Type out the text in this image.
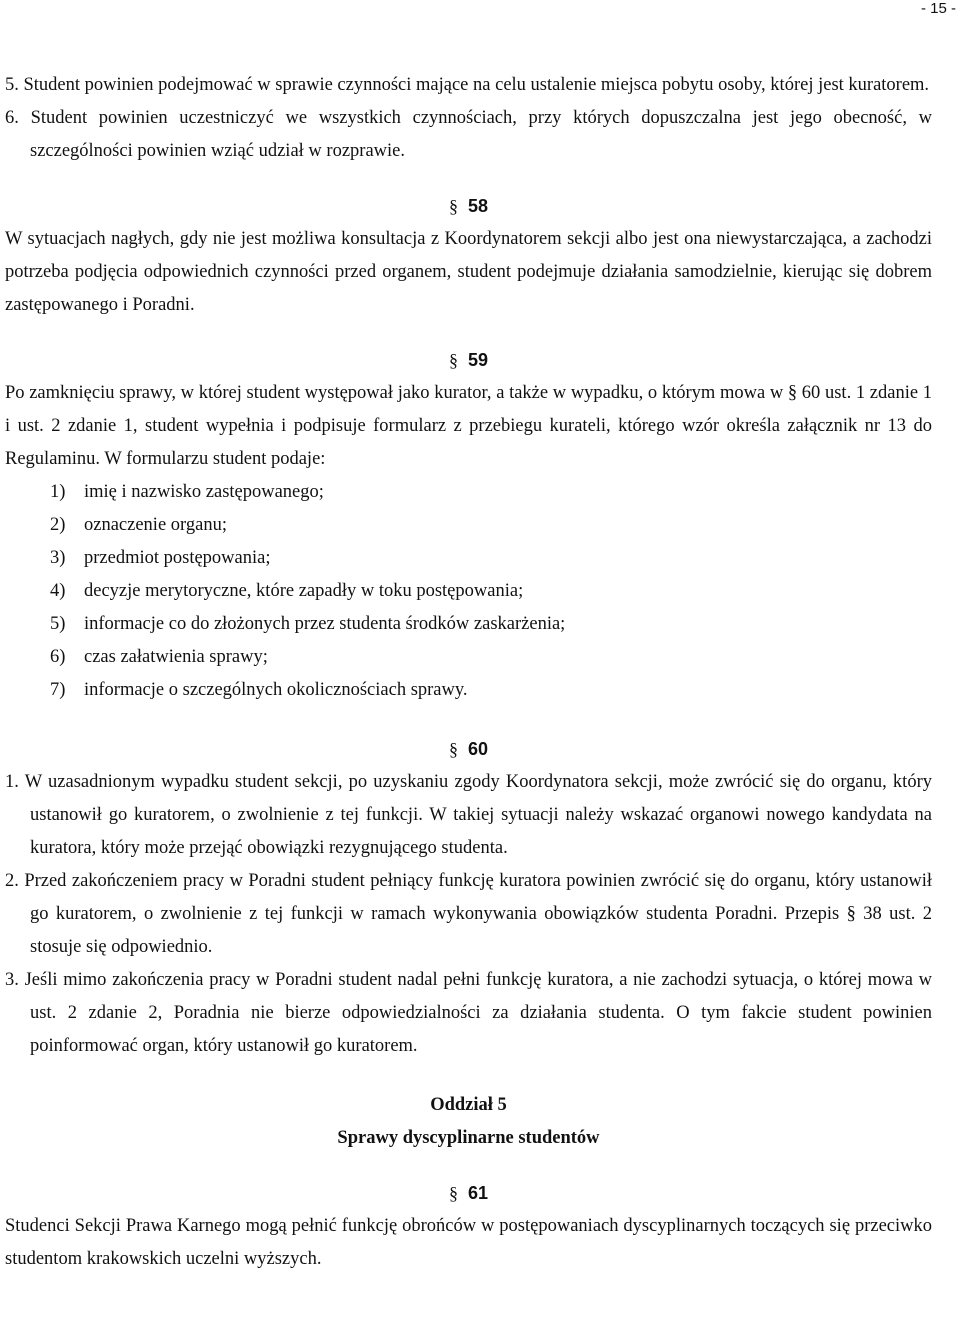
- 15 -
5. Student powinien podejmować w sprawie czynności mające na celu ustalenie miejsca pobytu osoby, której jest kuratorem.
6. Student powinien uczestniczyć we wszystkich czynnościach, przy których dopuszczalna jest jego obecność, w szczególności powinien wziąć udział w rozprawie.
§ 58

W sytuacjach nagłych, gdy nie jest możliwa konsultacja z Koordynatorem sekcji albo jest ona niewystarczająca, a zachodzi potrzeba podjęcia odpowiednich czynności przed organem, student podejmuje działania samodzielnie, kierując się dobrem zastępowanego i Poradni.

§ 59

Po zamknięciu sprawy, w której student występował jako kurator, a także w wypadku, o którym mowa w § 60 ust. 1 zdanie 1 i ust. 2 zdanie 1, student wypełnia i podpisuje formularz z przebiegu kurateli, którego wzór określa załącznik nr 13 do Regulaminu. W formularzu student podaje:

1) imię i nazwisko zastępowanego;
2) oznaczenie organu;
3) przedmiot postępowania;
4) decyzje merytoryczne, które zapadły w toku postępowania;
5) informacje co do złożonych przez studenta środków zaskarżenia;
6) czas załatwienia sprawy;
7) informacje o szczególnych okolicznościach sprawy.
§ 60
1. W uzasadnionym wypadku student sekcji, po uzyskaniu zgody Koordynatora sekcji, może zwrócić się do organu, który ustanowił go kuratorem, o zwolnienie z tej funkcji. W takiej sytuacji należy wskazać organowi nowego kandydata na kuratora, który może przejąć obowiązki rezygnującego studenta.
2. Przed zakończeniem pracy w Poradni student pełniący funkcję kuratora powinien zwrócić się do organu, który ustanowił go kuratorem, o zwolnienie z tej funkcji w ramach wykonywania obowiązków studenta Poradni. Przepis § 38 ust. 2 stosuje się odpowiednio.
3. Jeśli mimo zakończenia pracy w Poradni student nadal pełni funkcję kuratora, a nie zachodzi sytuacja, o której mowa w ust. 2 zdanie 2, Poradnia nie bierze odpowiedzialności za działania studenta. O tym fakcie student powinien poinformować organ, który ustanowił go kuratorem.

Oddział 5

Sprawy dyscyplinarne studentów

§ 61

Studenci Sekcji Prawa Karnego mogą pełnić funkcję obrońców w postępowaniach dyscyplinarnych toczących się przeciwko studentom krakowskich uczelni wyższych.
